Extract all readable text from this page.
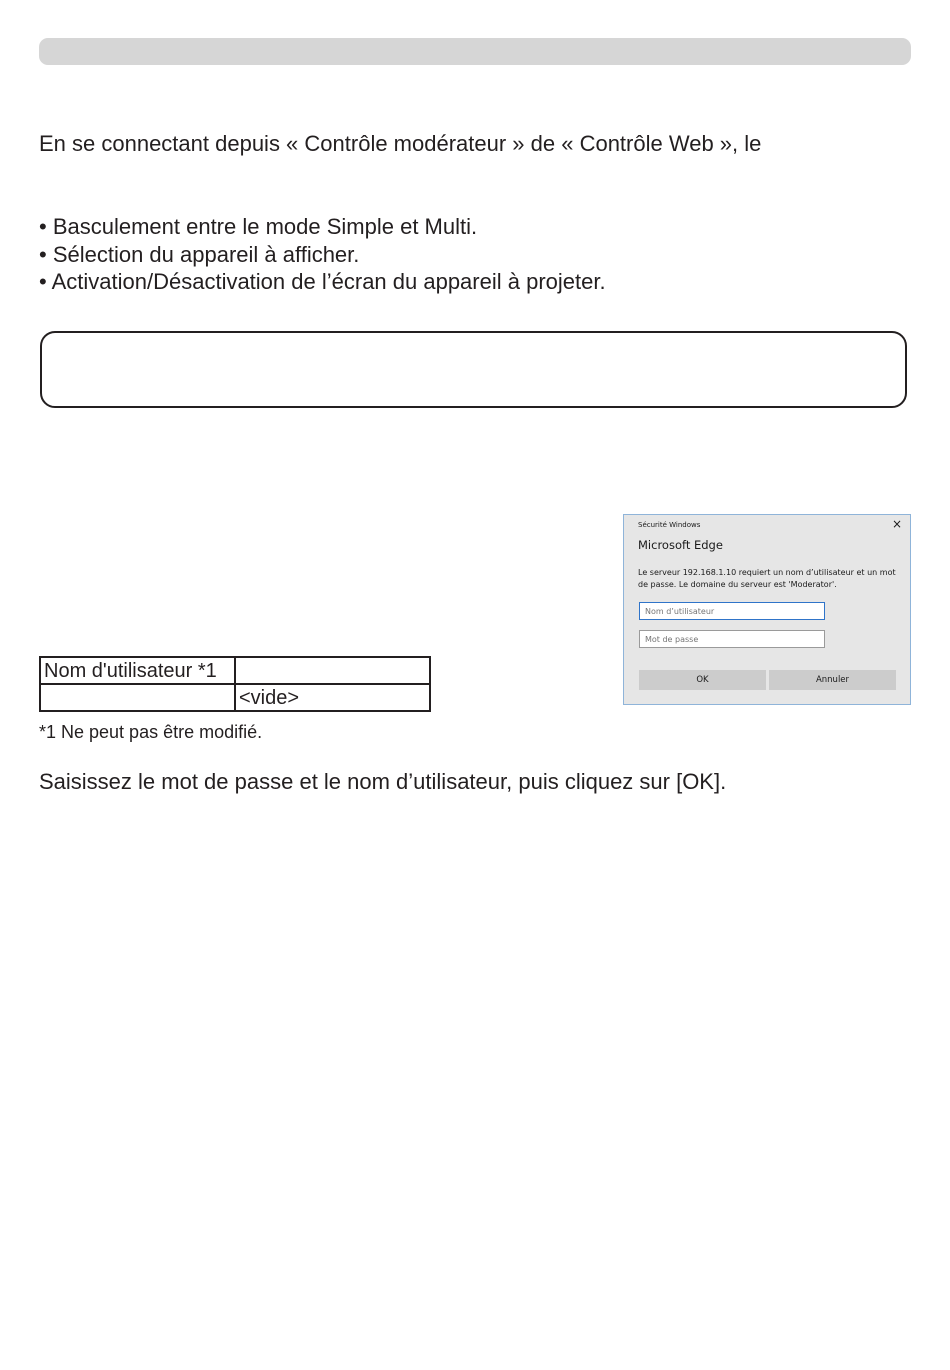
En se connectant depuis « Contrôle modérateur » de « Contrôle Web », le
• Basculement entre le mode Simple et Multi.
• Sélection du appareil à afficher.
• Activation/Désactivation de l’écran du appareil à projeter.
Nom d'utilisateur *1	
	<vide>
*1 Ne peut pas être modifié.
Saisissez le mot de passe et le nom d’utilisateur, puis cliquez sur [OK].
Sécurité Windows	×
Microsoft Edge
Le serveur 192.168.1.10 requiert un nom d’utilisateur et un mot de passe. Le domaine du serveur est 'Moderator'.
Nom d’utilisateur
OK	Annuler
